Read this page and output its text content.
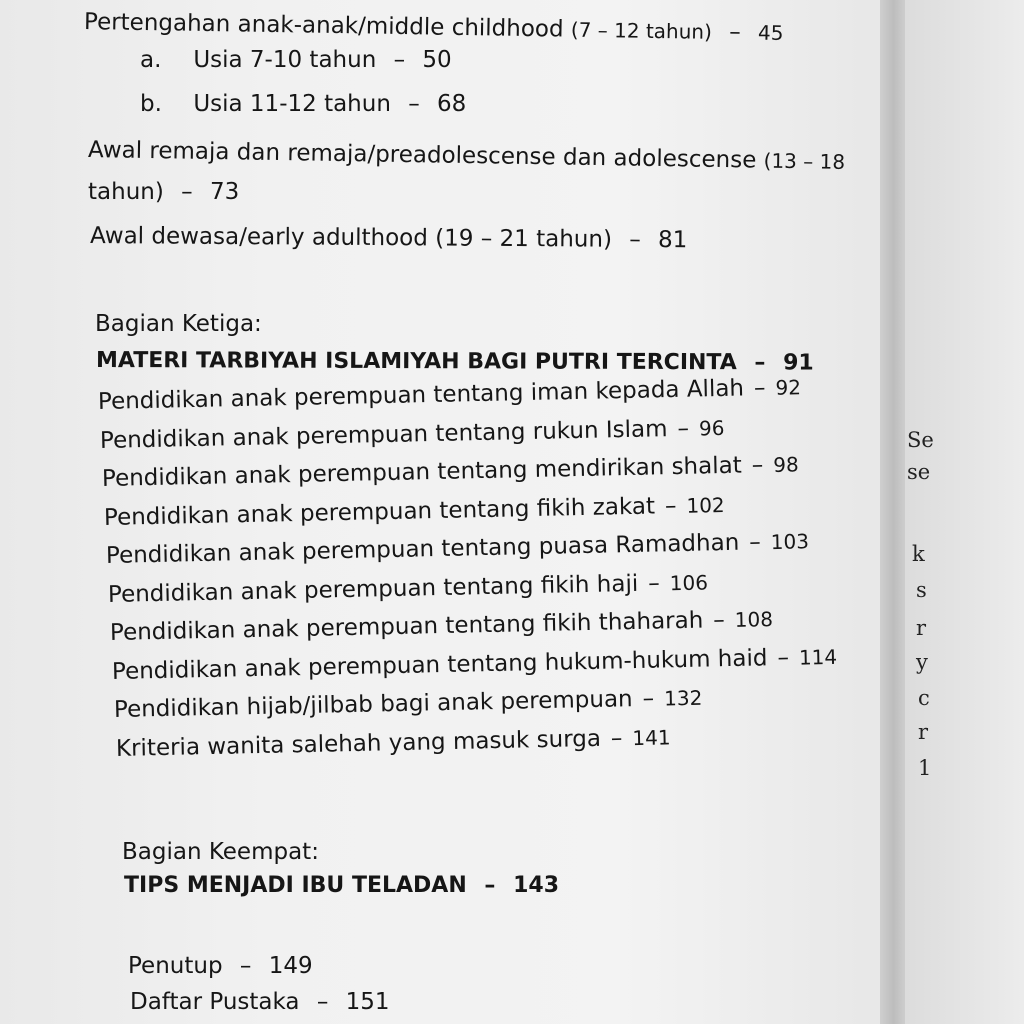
Pertengahan anak-anak/middle childhood (7 – 12 tahun) – 45
a. Usia 7-10 tahun – 50
b. Usia 11-12 tahun – 68
Awal remaja dan remaja/preadolescense dan adolescense (13 – 18
tahun) – 73
Awal dewasa/early adulthood (19 – 21 tahun) – 81
Bagian Ketiga:
MATERI TARBIYAH ISLAMIYAH BAGI PUTRI TERCINTA – 91
Pendidikan anak perempuan tentang iman kepada Allah – 92
Pendidikan anak perempuan tentang rukun Islam – 96
Pendidikan anak perempuan tentang mendirikan shalat – 98
Pendidikan anak perempuan tentang fikih zakat – 102
Pendidikan anak perempuan tentang puasa Ramadhan – 103
Pendidikan anak perempuan tentang fikih haji – 106
Pendidikan anak perempuan tentang fikih thaharah – 108
Pendidikan anak perempuan tentang hukum-hukum haid – 114
Pendidikan hijab/jilbab bagi anak perempuan – 132
Kriteria wanita salehah yang masuk surga – 141
Bagian Keempat:
TIPS MENJADI IBU TELADAN – 143
Penutup – 149
Daftar Pustaka – 151
Se
se
k
s
r
y
c
r
1
